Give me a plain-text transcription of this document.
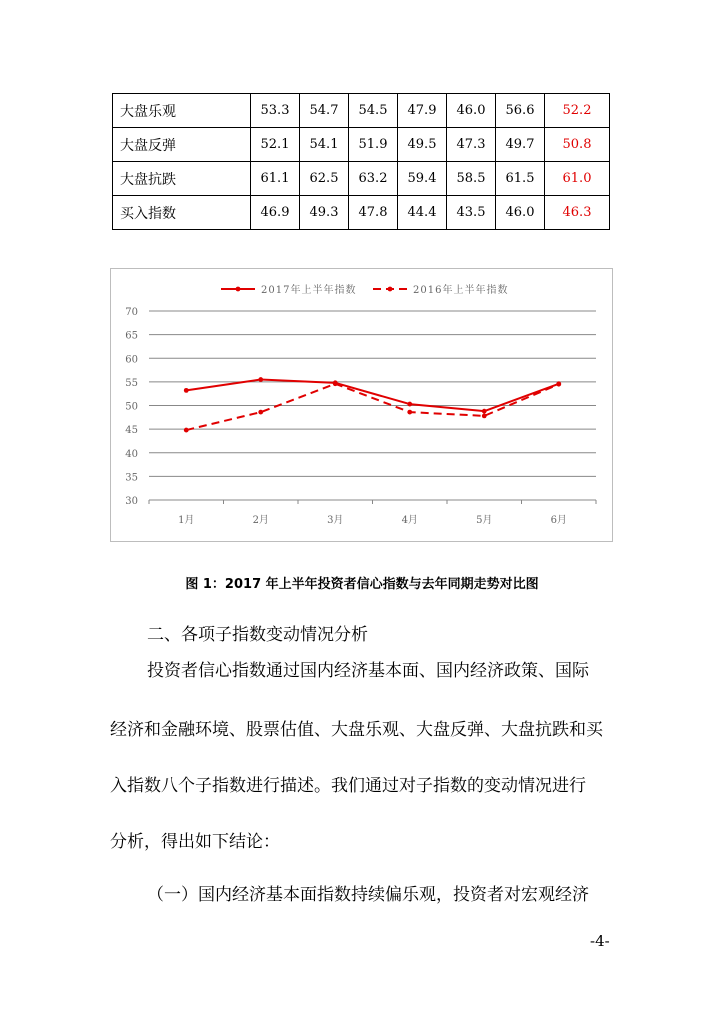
大盘乐观	53.3	54.7	54.5	47.9	46.0	56.6	52.2
大盘反弹	52.1	54.1	51.9	49.5	47.3	49.7	50.8
大盘抗跌	61.1	62.5	63.2	59.4	58.5	61.5	61.0
买入指数	46.9	49.3	47.8	44.4	43.5	46.0	46.3
30
35
40
45
50
55
60
65
70
1月	2月	3月	4月	5月	6月
2017年上半年指数	2016年上半年指数
图 1：2017 年上半年投资者信心指数与去年同期走势对比图
二、各项子指数变动情况分析
投资者信心指数通过国内经济基本面、国内经济政策、国际
经济和金融环境、股票估值、大盘乐观、大盘反弹、大盘抗跌和买
入指数八个子指数进行描述。我们通过对子指数的变动情况进行
分析，得出如下结论：
（一）国内经济基本面指数持续偏乐观，投资者对宏观经济
-4-
